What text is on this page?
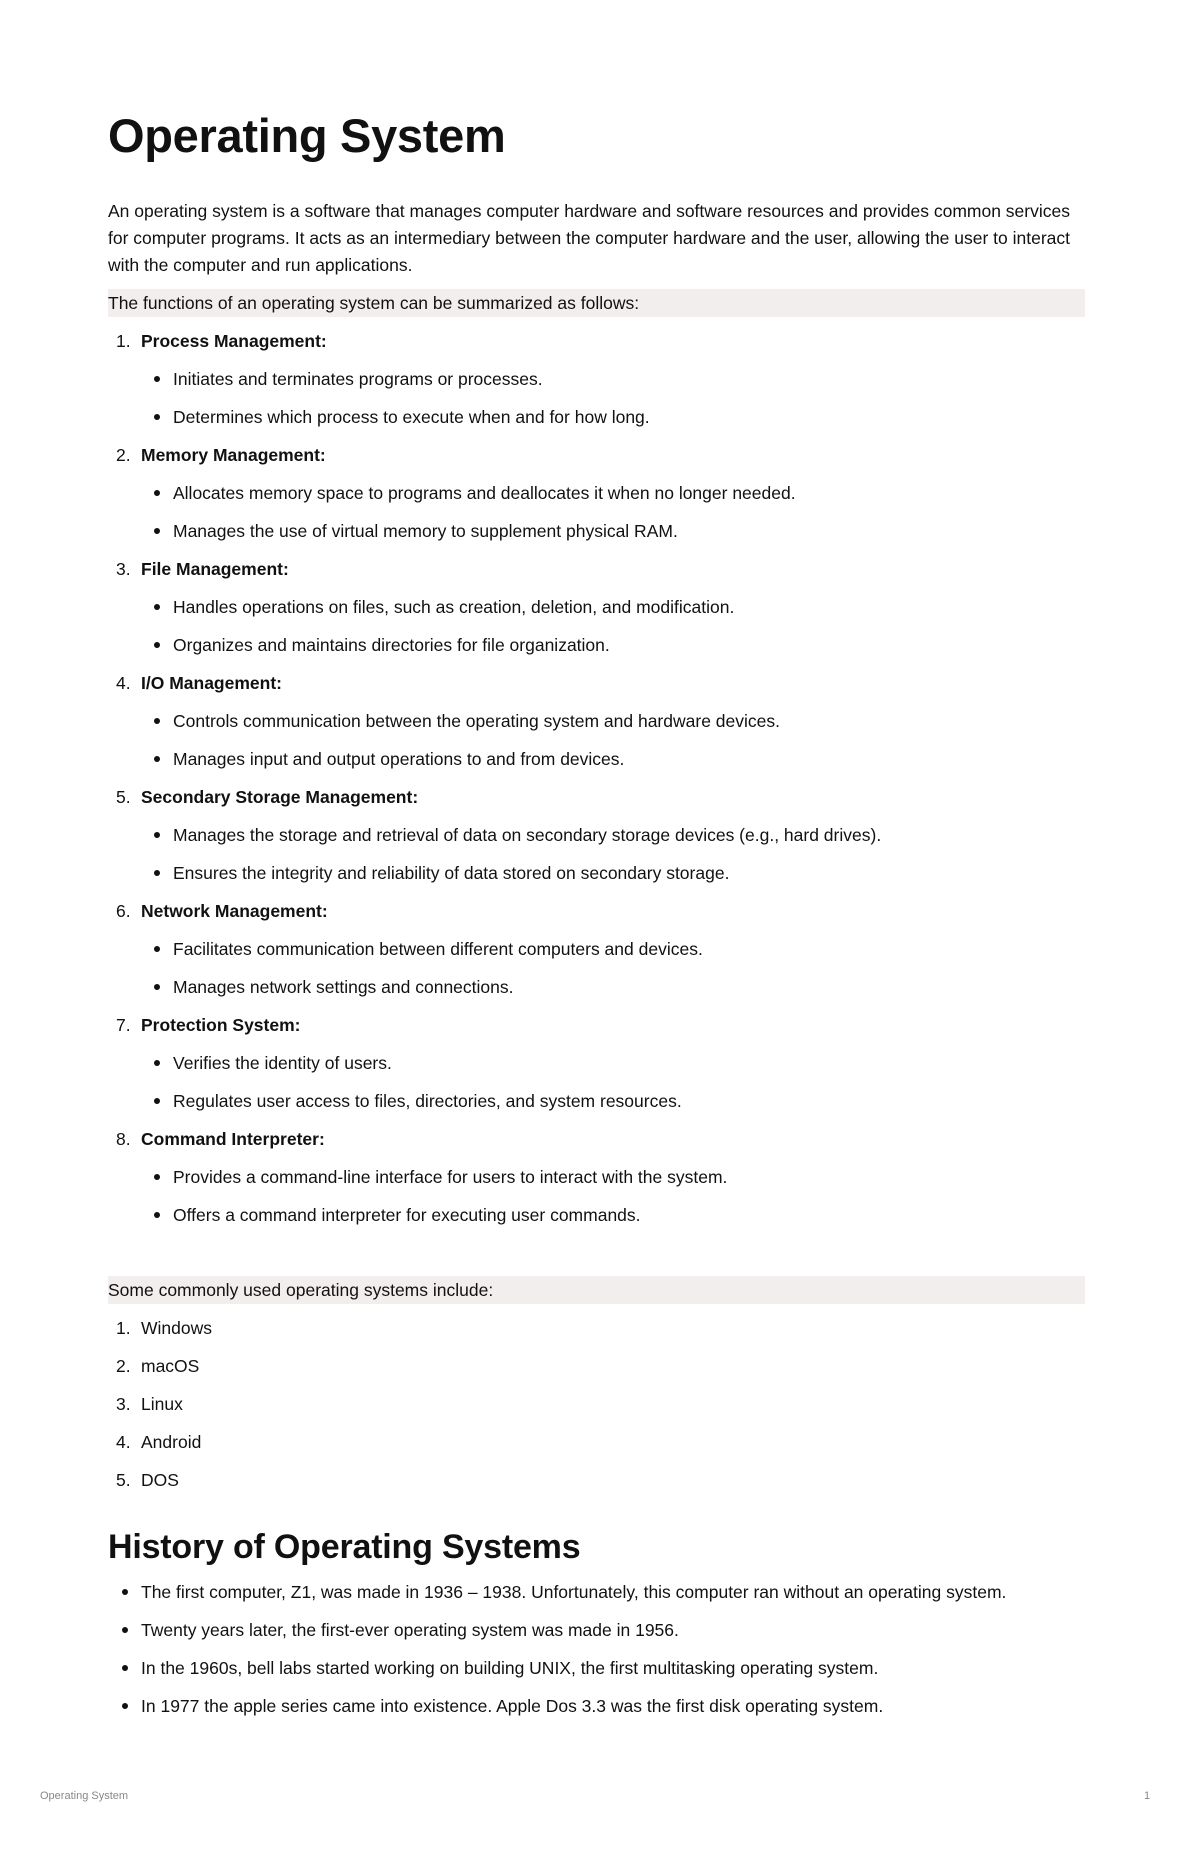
Operating System

An operating system is a software that manages computer hardware and software resources and provides common services for computer programs. It acts as an intermediary between the computer hardware and the user, allowing the user to interact with the computer and run applications.

The functions of an operating system can be summarized as follows:
1. Process Management:
Initiates and terminates programs or processes.
Determines which process to execute when and for how long.
2. Memory Management:
Allocates memory space to programs and deallocates it when no longer needed.
Manages the use of virtual memory to supplement physical RAM.
3. File Management:
Handles operations on files, such as creation, deletion, and modification.
Organizes and maintains directories for file organization.
4. I/O Management:
Controls communication between the operating system and hardware devices.
Manages input and output operations to and from devices.
5. Secondary Storage Management:
Manages the storage and retrieval of data on secondary storage devices (e.g., hard drives).
Ensures the integrity and reliability of data stored on secondary storage.
6. Network Management:
Facilitates communication between different computers and devices.
Manages network settings and connections.
7. Protection System:
Verifies the identity of users.
Regulates user access to files, directories, and system resources.
8. Command Interpreter:
Provides a command-line interface for users to interact with the system.
Offers a command interpreter for executing user commands.
Some commonly used operating systems include:
1. Windows
2. macOS
3. Linux
4. Android
5. DOS
History of Operating Systems
The first computer, Z1, was made in 1936 – 1938. Unfortunately, this computer ran without an operating system.
Twenty years later, the first-ever operating system was made in 1956.
In the 1960s, bell labs started working on building UNIX, the first multitasking operating system.
In 1977 the apple series came into existence. Apple Dos 3.3 was the first disk operating system.
Operating System	1
